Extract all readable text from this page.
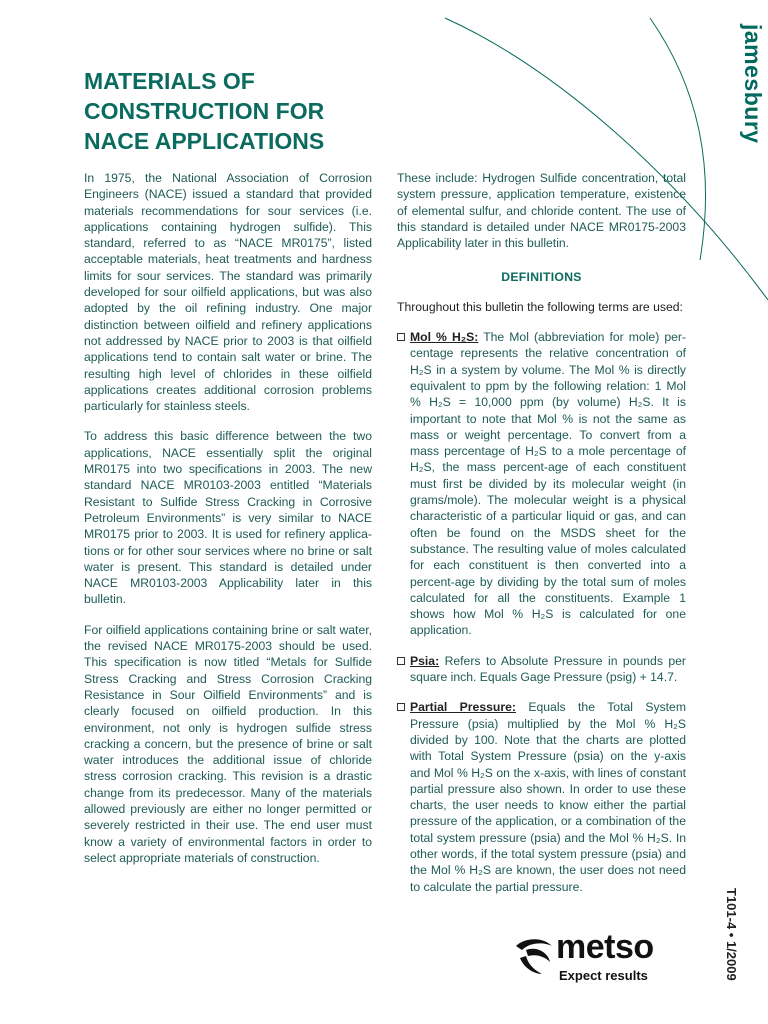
jamesbury
MATERIALS OF CONSTRUCTION FOR NACE APPLICATIONS

In 1975, the National Association of Corrosion Engineers (NACE) issued a standard that provided materials recommendations for sour services (i.e. applications containing hydrogen sulfide). This standard, referred to as “NACE MR0175”, listed acceptable materials, heat treatments and hardness limits for sour services. The standard was primarily developed for sour oilfield applications, but was also adopted by the oil refining industry. One major distinction between oilfield and refinery applications not addressed by NACE prior to 2003 is that oilfield applications tend to contain salt water or brine. The resulting high level of chlorides in these oilfield applications creates additional corrosion problems particularly for stainless steels.

To address this basic difference between the two applications, NACE essentially split the original MR0175 into two specifications in 2003. The new standard NACE MR0103-2003 entitled “Materials Resistant to Sulfide Stress Cracking in Corrosive Petroleum Environments” is very similar to NACE MR0175 prior to 2003. It is used for refinery applica-tions or for other sour services where no brine or salt water is present. This standard is detailed under NACE MR0103-2003 Applicability later in this bulletin.

For oilfield applications containing brine or salt water, the revised NACE MR0175-2003 should be used. This specification is now titled “Metals for Sulfide Stress Cracking and Stress Corrosion Cracking Resistance in Sour Oilfield Environments” and is clearly focused on oilfield production. In this environment, not only is hydrogen sulfide stress cracking a concern, but the presence of brine or salt water introduces the additional issue of chloride stress corrosion cracking. This revision is a drastic change from its predecessor. Many of the materials allowed previously are either no longer permitted or severely restricted in their use. The end user must know a variety of environmental factors in order to select appropriate materials of construction.

These include: Hydrogen Sulfide concentration, total system pressure, application temperature, existence of elemental sulfur, and chloride content. The use of this standard is detailed under NACE MR0175-2003 Applicability later in this bulletin.

DEFINITIONS

Throughout this bulletin the following terms are used:

Mol % H₂S: The Mol (abbreviation for mole) per-centage represents the relative concentration of H₂S in a system by volume. The Mol % is directly equivalent to ppm by the following relation: 1 Mol % H₂S = 10,000 ppm (by volume) H₂S. It is important to note that Mol % is not the same as mass or weight percentage. To convert from a mass percentage of H₂S to a mole percentage of H₂S, the mass percent-age of each constituent must first be divided by its molecular weight (in grams/mole). The molecular weight is a physical characteristic of a particular liquid or gas, and can often be found on the MSDS sheet for the substance. The resulting value of moles calculated for each constituent is then converted into a percent-age by dividing by the total sum of moles calculated for all the constituents. Example 1 shows how Mol % H₂S is calculated for one application.

Psia: Refers to Absolute Pressure in pounds per square inch. Equals Gage Pressure (psig) + 14.7.

Partial Pressure: Equals the Total System Pressure (psia) multiplied by the Mol % H₂S divided by 100. Note that the charts are plotted with Total System Pressure (psia) on the y-axis and Mol % H₂S on the x-axis, with lines of constant partial pressure also shown. In order to use these charts, the user needs to know either the partial pressure of the application, or a combination of the total system pressure (psia) and the Mol % H₂S. In other words, if the total system pressure (psia) and the Mol % H₂S are known, the user does not need to calculate the partial pressure.

T101-4 • 1/2009
metso
Expect results
